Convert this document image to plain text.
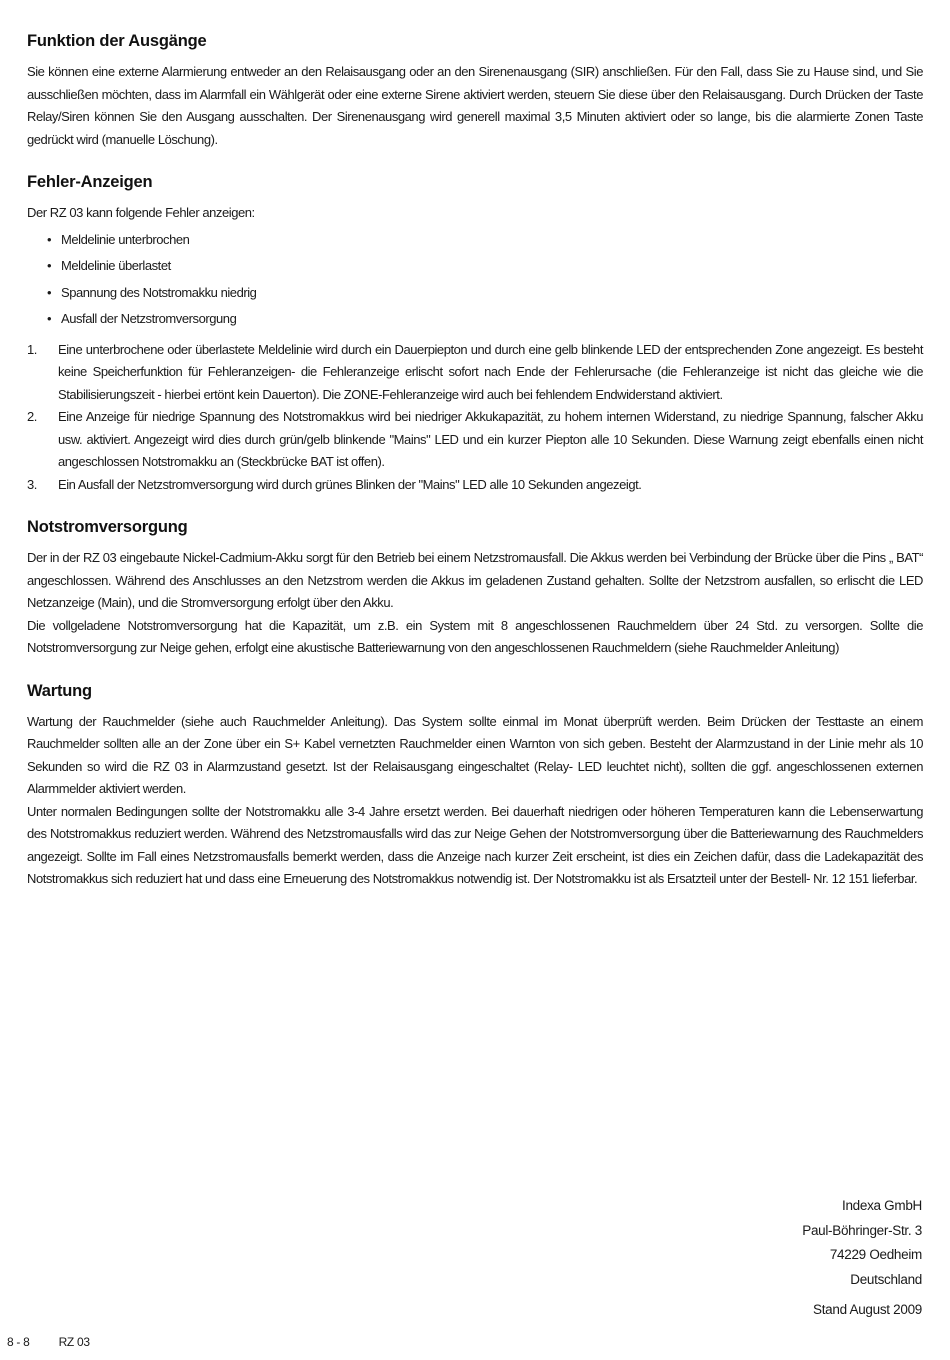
Funktion der Ausgänge

Sie können eine externe Alarmierung entweder an den Relaisausgang oder an den Sirenenausgang (SIR) anschließen. Für den Fall, dass Sie zu Hause sind, und Sie ausschließen möchten, dass im Alarmfall ein Wählgerät oder eine externe Sirene aktiviert werden, steuern Sie diese über den Relaisausgang. Durch Drücken der Taste Relay/Siren können Sie den Ausgang ausschalten. Der Sirenenausgang wird generell maximal 3,5 Minuten aktiviert oder so lange, bis die alarmierte Zonen Taste gedrückt wird (manuelle Löschung).

Fehler-Anzeigen

Der RZ 03 kann folgende Fehler anzeigen:

• Meldelinie unterbrochen
• Meldelinie überlastet
• Spannung des Notstromakku niedrig
• Ausfall der Netzstromversorgung
1. Eine unterbrochene oder überlastete Meldelinie wird durch ein Dauerpiepton und durch eine gelb blinkende LED der entsprechenden Zone angezeigt. Es besteht keine Speicherfunktion für Fehleranzeigen- die Fehleranzeige erlischt sofort nach Ende der Fehlerursache (die Fehleranzeige ist nicht das gleiche wie die Stabilisierungszeit - hierbei ertönt kein Dauerton). Die ZONE-Fehleranzeige wird auch bei fehlendem Endwiderstand aktiviert.
2. Eine Anzeige für niedrige Spannung des Notstromakkus wird bei niedriger Akkukapazität, zu hohem internen Widerstand, zu niedrige Spannung, falscher Akku usw. aktiviert. Angezeigt wird dies durch grün/gelb blinkende "Mains" LED und ein kurzer Piepton alle 10 Sekunden. Diese Warnung zeigt ebenfalls einen nicht angeschlossen Notstromakku an (Steckbrücke BAT ist offen).
3. Ein Ausfall der Netzstromversorgung wird durch grünes Blinken der "Mains" LED alle 10 Sekunden angezeigt.
Notstromversorgung

Der in der RZ 03 eingebaute Nickel-Cadmium-Akku sorgt für den Betrieb bei einem Netzstromausfall. Die Akkus werden bei Verbindung der Brücke über die Pins „ BAT“ angeschlossen. Während des Anschlusses an den Netzstrom werden die Akkus im geladenen Zustand gehalten. Sollte der Netzstrom ausfallen, so erlischt die LED Netzanzeige (Main), und die Stromversorgung erfolgt über den Akku.

Die vollgeladene Notstromversorgung hat die Kapazität, um z.B. ein System mit 8 angeschlossenen Rauchmeldern über 24 Std. zu versorgen. Sollte die Notstromversorgung zur Neige gehen, erfolgt eine akustische Batteriewarnung von den angeschlossenen Rauchmeldern (siehe Rauchmelder Anleitung)

Wartung

Wartung der Rauchmelder (siehe auch Rauchmelder Anleitung). Das System sollte einmal im Monat überprüft werden. Beim Drücken der Testtaste an einem Rauchmelder sollten alle an der Zone über ein S+ Kabel vernetzten Rauchmelder einen Warnton von sich geben. Besteht der Alarmzustand in der Linie mehr als 10 Sekunden so wird die RZ 03 in Alarmzustand gesetzt. Ist der Relaisausgang eingeschaltet (Relay- LED leuchtet nicht), sollten die ggf. angeschlossenen externen Alarmmelder aktiviert werden.

Unter normalen Bedingungen sollte der Notstromakku alle 3-4 Jahre ersetzt werden. Bei dauerhaft niedrigen oder höheren Temperaturen kann die Lebenserwartung des Notstromakkus reduziert werden. Während des Netzstromausfalls wird das zur Neige Gehen der Notstromversorgung über die Batteriewarnung des Rauchmelders angezeigt. Sollte im Fall eines Netzstromausfalls bemerkt werden, dass die Anzeige nach kurzer Zeit erscheint, ist dies ein Zeichen dafür, dass die Ladekapazität des Notstromakkus sich reduziert hat und dass eine Erneuerung des Notstromakkus notwendig ist. Der Notstromakku ist als Ersatzteil unter der Bestell- Nr. 12 151 lieferbar.

Indexa GmbH
Paul-Böhringer-Str. 3
74229 Oedheim
Deutschland
Stand August 2009
8 - 8 RZ 03
